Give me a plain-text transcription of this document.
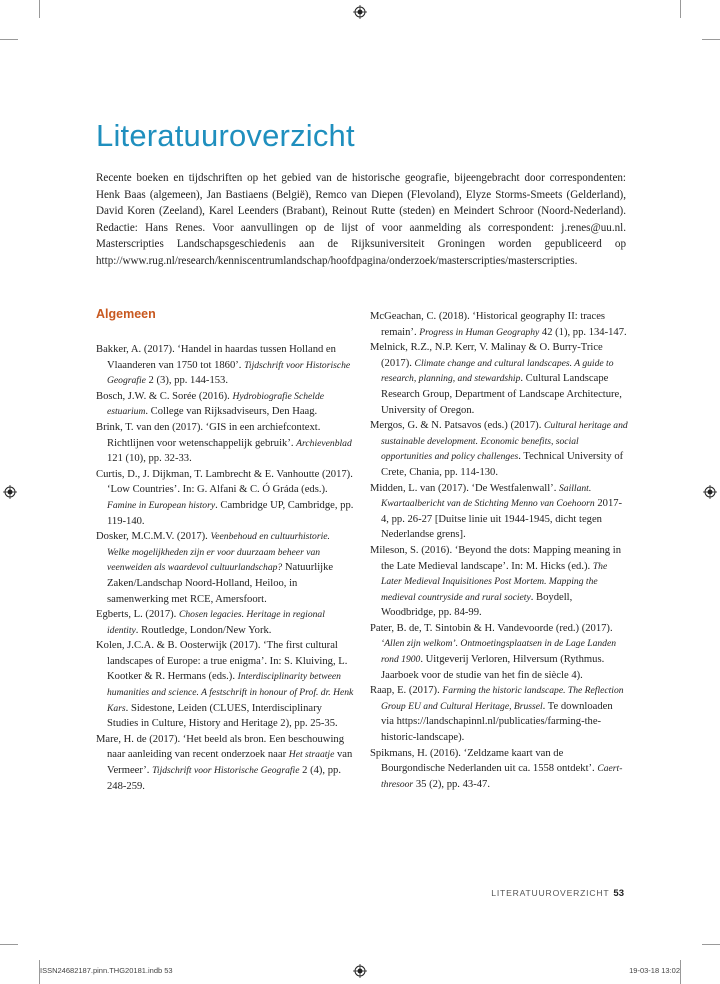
Literatuuroverzicht

Recente boeken en tijdschriften op het gebied van de historische geografie, bijeengebracht door correspondenten: Henk Baas (algemeen), Jan Bastiaens (België), Remco van Diepen (Flevoland), Elyze Storms-Smeets (Gelderland), David Koren (Zeeland), Karel Leenders (Brabant), Reinout Rutte (steden) en Meindert Schroor (Noord-Nederland). Redactie: Hans Renes. Voor aanvullingen op de lijst of voor aanmelding als correspondent: j.renes@uu.nl. Masterscripties Landschapsgeschiedenis aan de Rijksuniversiteit Groningen worden gepubliceerd op http://www.rug.nl/research/kenniscentrumlandschap/hoofdpagina/onderzoek/masterscripties/masterscripties.

Algemeen

Bakker, A. (2017). ‘Handel in haardas tussen Holland en Vlaanderen van 1750 tot 1860’. Tijdschrift voor Historische Geografie 2 (3), pp. 144-153.

Bosch, J.W. & C. Sorée (2016). Hydrobiografie Schelde estuarium. College van Rijksadviseurs, Den Haag.

Brink, T. van den (2017). ‘GIS in een archiefcontext. Richtlijnen voor wetenschappelijk gebruik’. Archievenblad 121 (10), pp. 32-33.

Curtis, D., J. Dijkman, T. Lambrecht & E. Vanhoutte (2017). ‘Low Countries’. In: G. Alfani & C. Ó Gráda (eds.). Famine in European history. Cambridge UP, Cambridge, pp. 119-140.

Dosker, M.C.M.V. (2017). Veenbehoud en cultuurhistorie. Welke mogelijkheden zijn er voor duurzaam beheer van veenweiden als waardevol cultuurlandschap? Natuurlijke Zaken/Landschap Noord-Holland, Heiloo, in samenwerking met RCE, Amersfoort.

Egberts, L. (2017). Chosen legacies. Heritage in regional identity. Routledge, London/New York.

Kolen, J.C.A. & B. Oosterwijk (2017). ‘The first cultural landscapes of Europe: a true enigma’. In: S. Kluiving, L. Kootker & R. Hermans (eds.). Interdisciplinarity between humanities and science. A festschrift in honour of Prof. dr. Henk Kars. Sidestone, Leiden (CLUES, Interdisciplinary Studies in Culture, History and Heritage 2), pp. 25-35.

Mare, H. de (2017). ‘Het beeld als bron. Een beschouwing naar aanleiding van recent onderzoek naar Het straatje van Vermeer’. Tijdschrift voor Historische Geografie 2 (4), pp. 248-259.

McGeachan, C. (2018). ‘Historical geography II: traces remain’. Progress in Human Geography 42 (1), pp. 134-147.

Melnick, R.Z., N.P. Kerr, V. Malinay & O. Burry-Trice (2017). Climate change and cultural landscapes. A guide to research, planning, and stewardship. Cultural Landscape Research Group, Department of Landscape Architecture, University of Oregon.

Mergos, G. & N. Patsavos (eds.) (2017). Cultural heritage and sustainable development. Economic benefits, social opportunities and policy challenges. Technical University of Crete, Chania, pp. 114-130.

Midden, L. van (2017). ‘De Westfalenwall’. Saillant. Kwartaalbericht van de Stichting Menno van Coehoorn 2017-4, pp. 26-27 [Duitse linie uit 1944-1945, dicht tegen Nederlandse grens].

Mileson, S. (2016). ‘Beyond the dots: Mapping meaning in the Late Medieval landscape’. In: M. Hicks (ed.). The Later Medieval Inquisitiones Post Mortem. Mapping the medieval countryside and rural society. Boydell, Woodbridge, pp. 84-99.

Pater, B. de, T. Sintobin & H. Vandevoorde (red.) (2017). ‘Allen zijn welkom’. Ontmoetingsplaatsen in de Lage Landen rond 1900. Uitgeverij Verloren, Hilversum (Rythmus. Jaarboek voor de studie van het fin de siècle 4).

Raap, E. (2017). Farming the historic landscape. The Reflection Group EU and Cultural Heritage, Brussel. Te downloaden via https://landschapinnl.nl/publicaties/farming-the-historic-landscape).

Spikmans, H. (2016). ‘Zeldzame kaart van de Bourgondische Nederlanden uit ca. 1558 ontdekt’. Caert-thresoor 35 (2), pp. 43-47.

LITERATUUROVERZICHT 53
ISSN24682187.pinn.THG20181.indb 53	19-03-18 13:02
